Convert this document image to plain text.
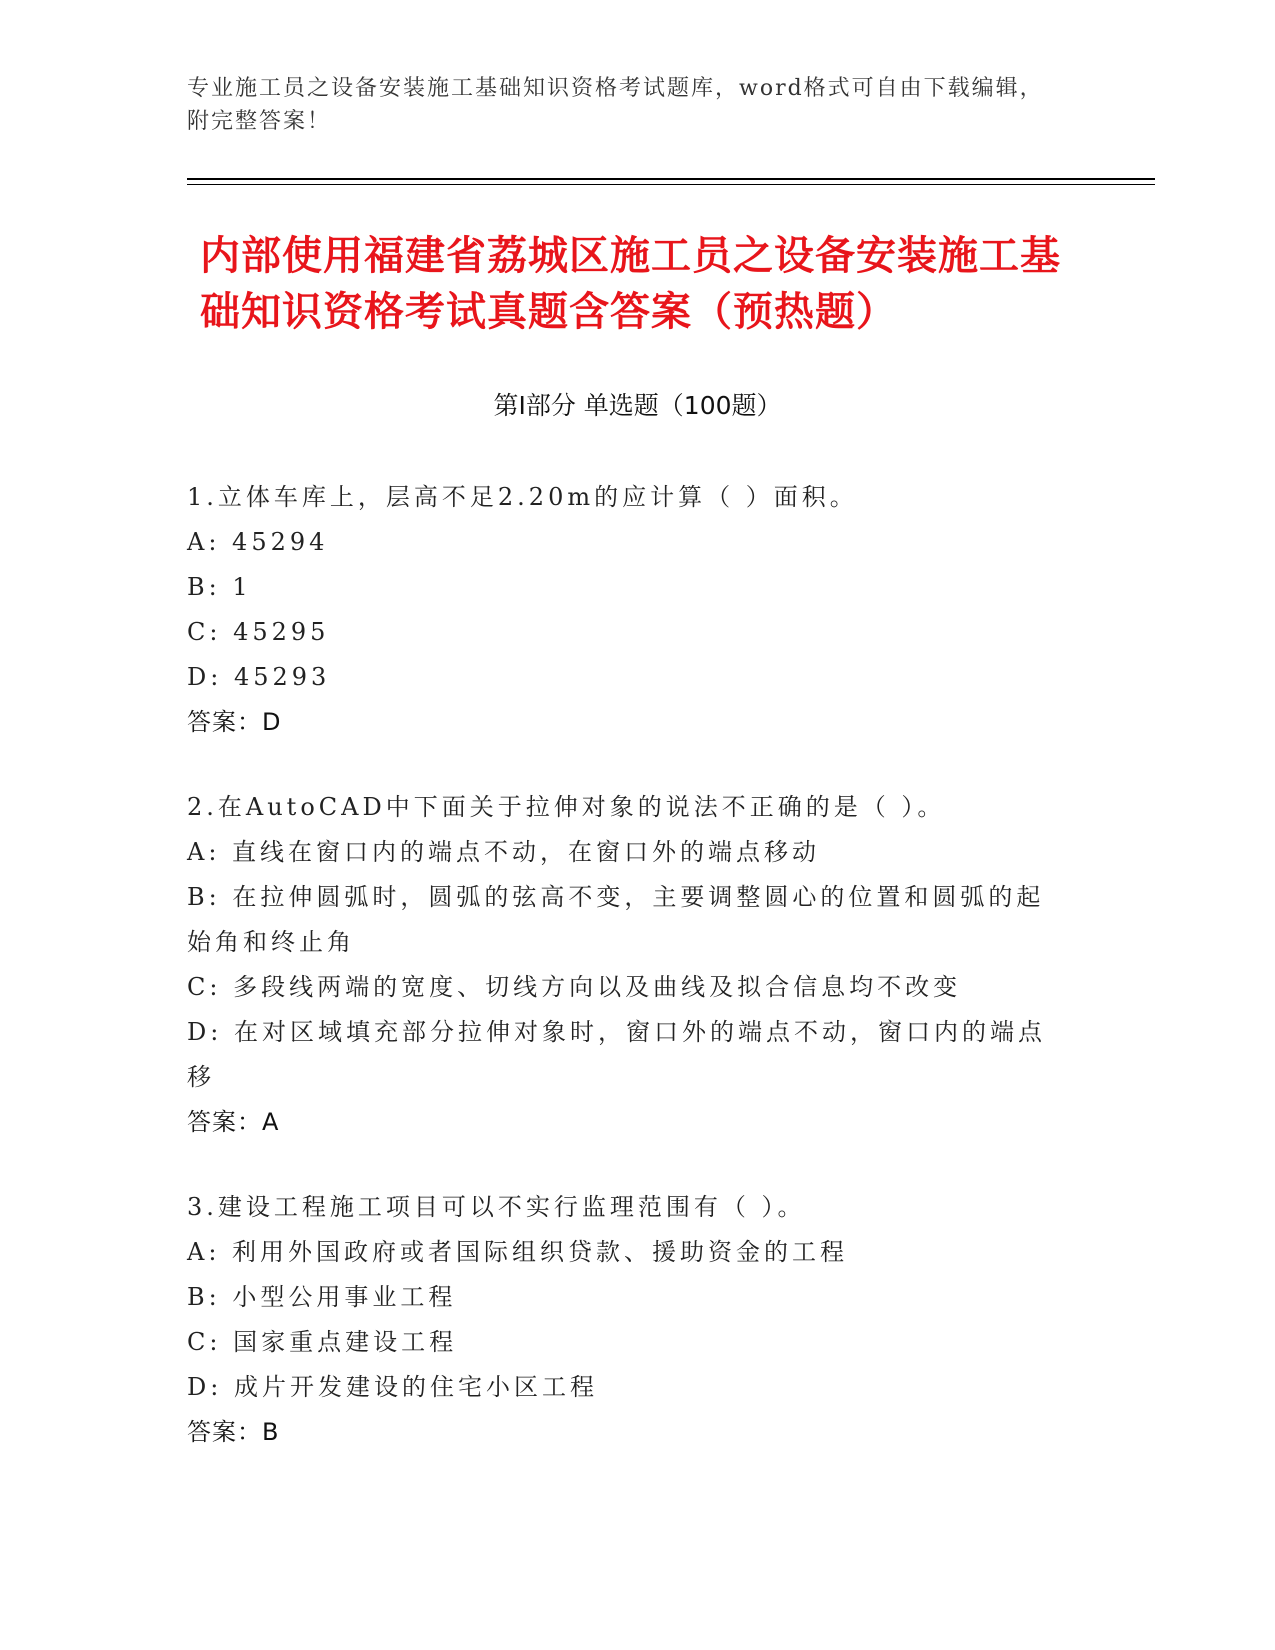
专业施工员之设备安装施工基础知识资格考试题库，word格式可自由下载编辑，附完整答案！
内部使用福建省荔城区施工员之设备安装施工基础知识资格考试真题含答案（预热题）
第Ⅰ部分 单选题（100题）
1.立体车库上，层高不足2.20m的应计算（ ）面积。
A: 45294
B: 1
C: 45295
D: 45293
答案：D
2.在AutoCAD中下面关于拉伸对象的说法不正确的是（ ）。
A: 直线在窗口内的端点不动，在窗口外的端点移动
B: 在拉伸圆弧时，圆弧的弦高不变，主要调整圆心的位置和圆弧的起始角和终止角
C: 多段线两端的宽度、切线方向以及曲线及拟合信息均不改变
D: 在对区域填充部分拉伸对象时，窗口外的端点不动，窗口内的端点移
答案：A
3.建设工程施工项目可以不实行监理范围有（ ）。
A: 利用外国政府或者国际组织贷款、援助资金的工程
B: 小型公用事业工程
C: 国家重点建设工程
D: 成片开发建设的住宅小区工程
答案：B
